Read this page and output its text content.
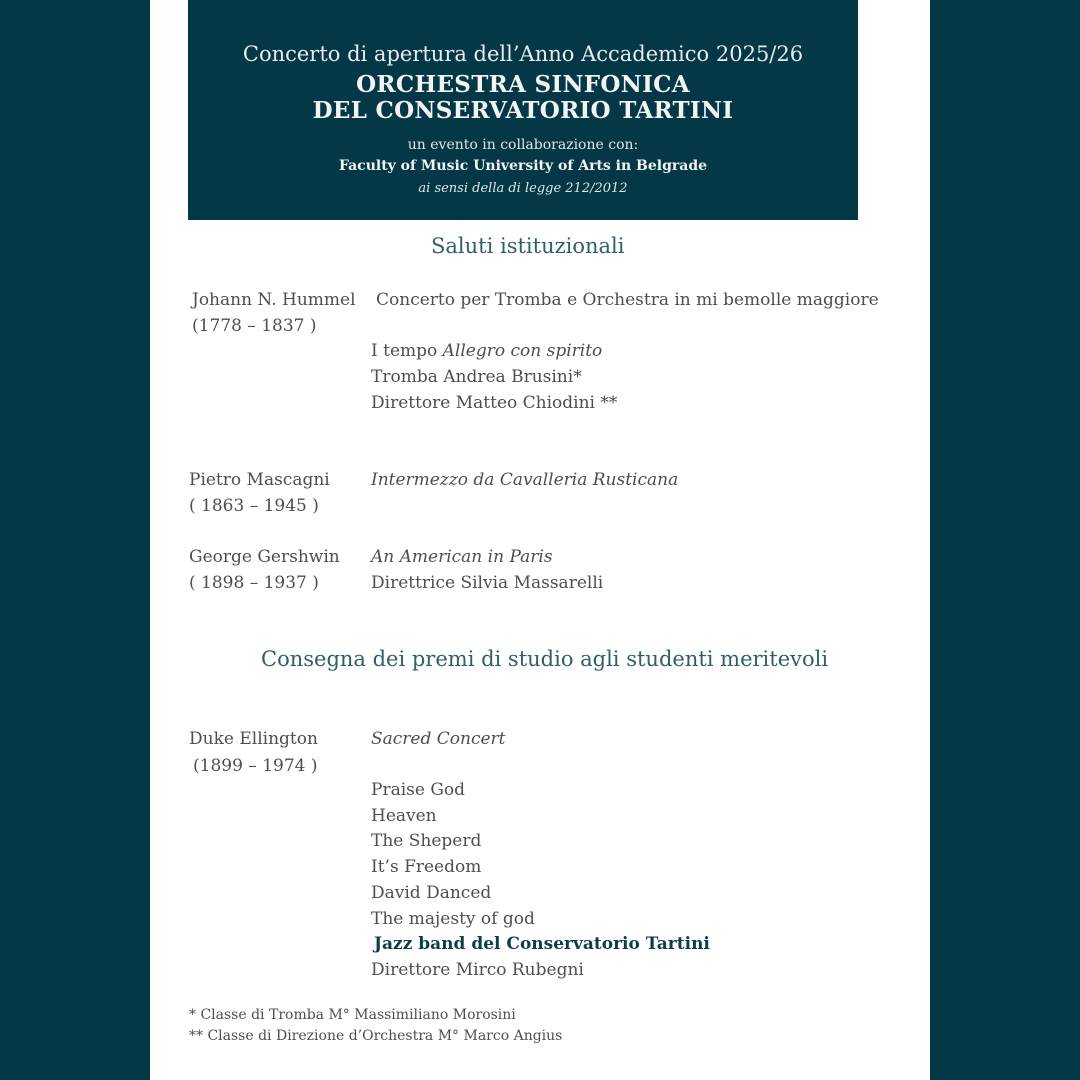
Concerto di apertura dell’Anno Accademico 2025/26
ORCHESTRA SINFONICA
DEL CONSERVATORIO TARTINI
un evento in collaborazione con:
Faculty of Music University of Arts in Belgrade
ai sensi della di legge 212/2012
Saluti istituzionali
Johann N. Hummel
(1778 – 1837 )
Concerto per Tromba e Orchestra in mi bemolle maggiore
I tempo Allegro con spirito
Tromba Andrea Brusini*
Direttore Matteo Chiodini **
Pietro Mascagni
( 1863 – 1945 )
Intermezzo da Cavalleria Rusticana
George Gershwin
( 1898 – 1937 )
An American in Paris
Direttrice Silvia Massarelli
Consegna dei premi di studio agli studenti meritevoli
Duke Ellington
(1899 – 1974 )
Sacred Concert
Praise God
Heaven
The Sheperd
It’s Freedom
David Danced
The majesty of god
Jazz band del Conservatorio Tartini
Direttore Mirco Rubegni
* Classe di Tromba M° Massimiliano Morosini
** Classe di Direzione d’Orchestra M° Marco Angius
